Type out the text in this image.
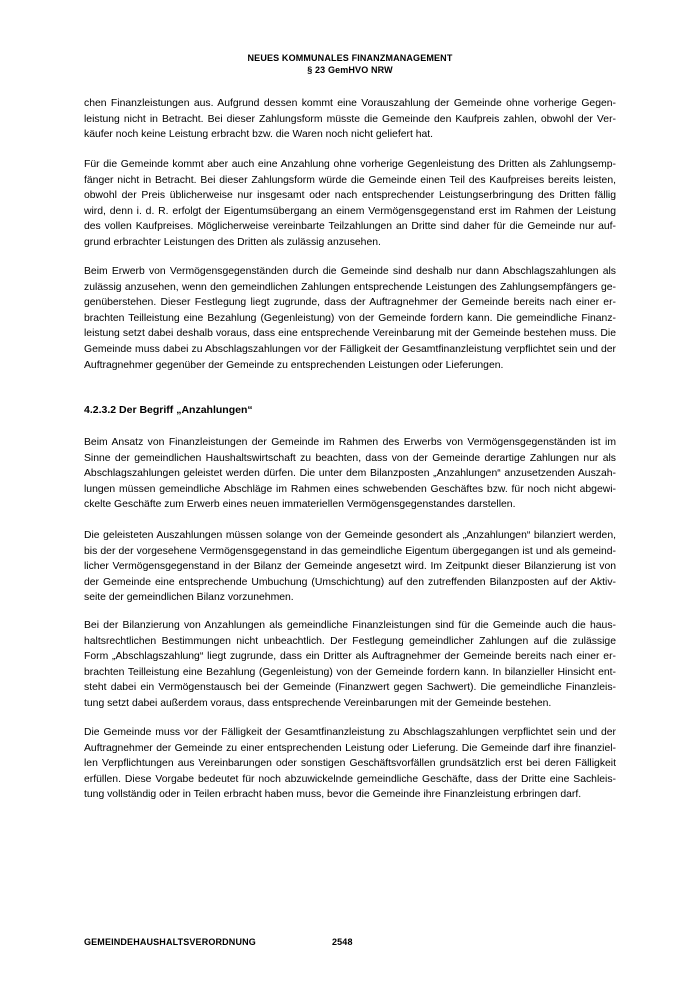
NEUES KOMMUNALES FINANZMANAGEMENT
§ 23 GemHVO NRW
chen Finanzleistungen aus. Aufgrund dessen kommt eine Vorauszahlung der Gemeinde ohne vorherige Gegen-
leistung nicht in Betracht. Bei dieser Zahlungsform müsste die Gemeinde den Kaufpreis zahlen, obwohl der Ver-
käufer noch keine Leistung erbracht bzw. die Waren noch nicht geliefert hat.
Für die Gemeinde kommt aber auch eine Anzahlung ohne vorherige Gegenleistung des Dritten als Zahlungsemp-
fänger nicht in Betracht. Bei dieser Zahlungsform würde die Gemeinde einen Teil des Kaufpreises bereits leisten,
obwohl der Preis üblicherweise nur insgesamt oder nach entsprechender Leistungserbringung des Dritten fällig
wird, denn i. d. R. erfolgt der Eigentumsübergang an einem Vermögensgegenstand erst im Rahmen der Leistung
des vollen Kaufpreises. Möglicherweise vereinbarte Teilzahlungen an Dritte sind daher für die Gemeinde nur auf-
grund erbrachter Leistungen des Dritten als zulässig anzusehen.
Beim Erwerb von Vermögensgegenständen durch die Gemeinde sind deshalb nur dann Abschlagszahlungen als
zulässig anzusehen, wenn den gemeindlichen Zahlungen entsprechende Leistungen des Zahlungsempfängers ge-
genüberstehen. Dieser Festlegung liegt zugrunde, dass der Auftragnehmer der Gemeinde bereits nach einer er-
brachten Teilleistung eine Bezahlung (Gegenleistung) von der Gemeinde fordern kann. Die gemeindliche Finanz-
leistung setzt dabei deshalb voraus, dass eine entsprechende Vereinbarung mit der Gemeinde bestehen muss. Die
Gemeinde muss dabei zu Abschlagszahlungen vor der Fälligkeit der Gesamtfinanzleistung verpflichtet sein und der
Auftragnehmer gegenüber der Gemeinde zu entsprechenden Leistungen oder Lieferungen.
4.2.3.2 Der Begriff „Anzahlungen“
Beim Ansatz von Finanzleistungen der Gemeinde im Rahmen des Erwerbs von Vermögensgegenständen ist im
Sinne der gemeindlichen Haushaltswirtschaft zu beachten, dass von der Gemeinde derartige Zahlungen nur als
Abschlagszahlungen geleistet werden dürfen. Die unter dem Bilanzposten „Anzahlungen“ anzusetzenden Auszah-
lungen müssen gemeindliche Abschläge im Rahmen eines schwebenden Geschäftes bzw. für noch nicht abgewi-
ckelte Geschäfte zum Erwerb eines neuen immateriellen Vermögensgegenstandes darstellen.
Die geleisteten Auszahlungen müssen solange von der Gemeinde gesondert als „Anzahlungen“ bilanziert werden,
bis der der vorgesehene Vermögensgegenstand in das gemeindliche Eigentum übergegangen ist und als gemeind-
licher Vermögensgegenstand in der Bilanz der Gemeinde angesetzt wird. Im Zeitpunkt dieser Bilanzierung ist von
der Gemeinde eine entsprechende Umbuchung (Umschichtung) auf den zutreffenden Bilanzposten auf der Aktiv-
seite der gemeindlichen Bilanz vorzunehmen.
Bei der Bilanzierung von Anzahlungen als gemeindliche Finanzleistungen sind für die Gemeinde auch die haus-
haltsrechtlichen Bestimmungen nicht unbeachtlich. Der Festlegung gemeindlicher Zahlungen auf die zulässige
Form „Abschlagszahlung“ liegt zugrunde, dass ein Dritter als Auftragnehmer der Gemeinde bereits nach einer er-
brachten Teilleistung eine Bezahlung (Gegenleistung) von der Gemeinde fordern kann. In bilanzieller Hinsicht ent-
steht dabei ein Vermögenstausch bei der Gemeinde (Finanzwert gegen Sachwert). Die gemeindliche Finanzleis-
tung setzt dabei außerdem voraus, dass entsprechende Vereinbarungen mit der Gemeinde bestehen.
Die Gemeinde muss vor der Fälligkeit der Gesamtfinanzleistung zu Abschlagszahlungen verpflichtet sein und der
Auftragnehmer der Gemeinde zu einer entsprechenden Leistung oder Lieferung. Die Gemeinde darf ihre finanziel-
len Verpflichtungen aus Vereinbarungen oder sonstigen Geschäftsvorfällen grundsätzlich erst bei deren Fälligkeit
erfüllen. Diese Vorgabe bedeutet für noch abzuwickelnde gemeindliche Geschäfte, dass der Dritte eine Sachleis-
tung vollständig oder in Teilen erbracht haben muss, bevor die Gemeinde ihre Finanzleistung erbringen darf.
GEMEINDEHAUSHALTSVERORDNUNG	2548
